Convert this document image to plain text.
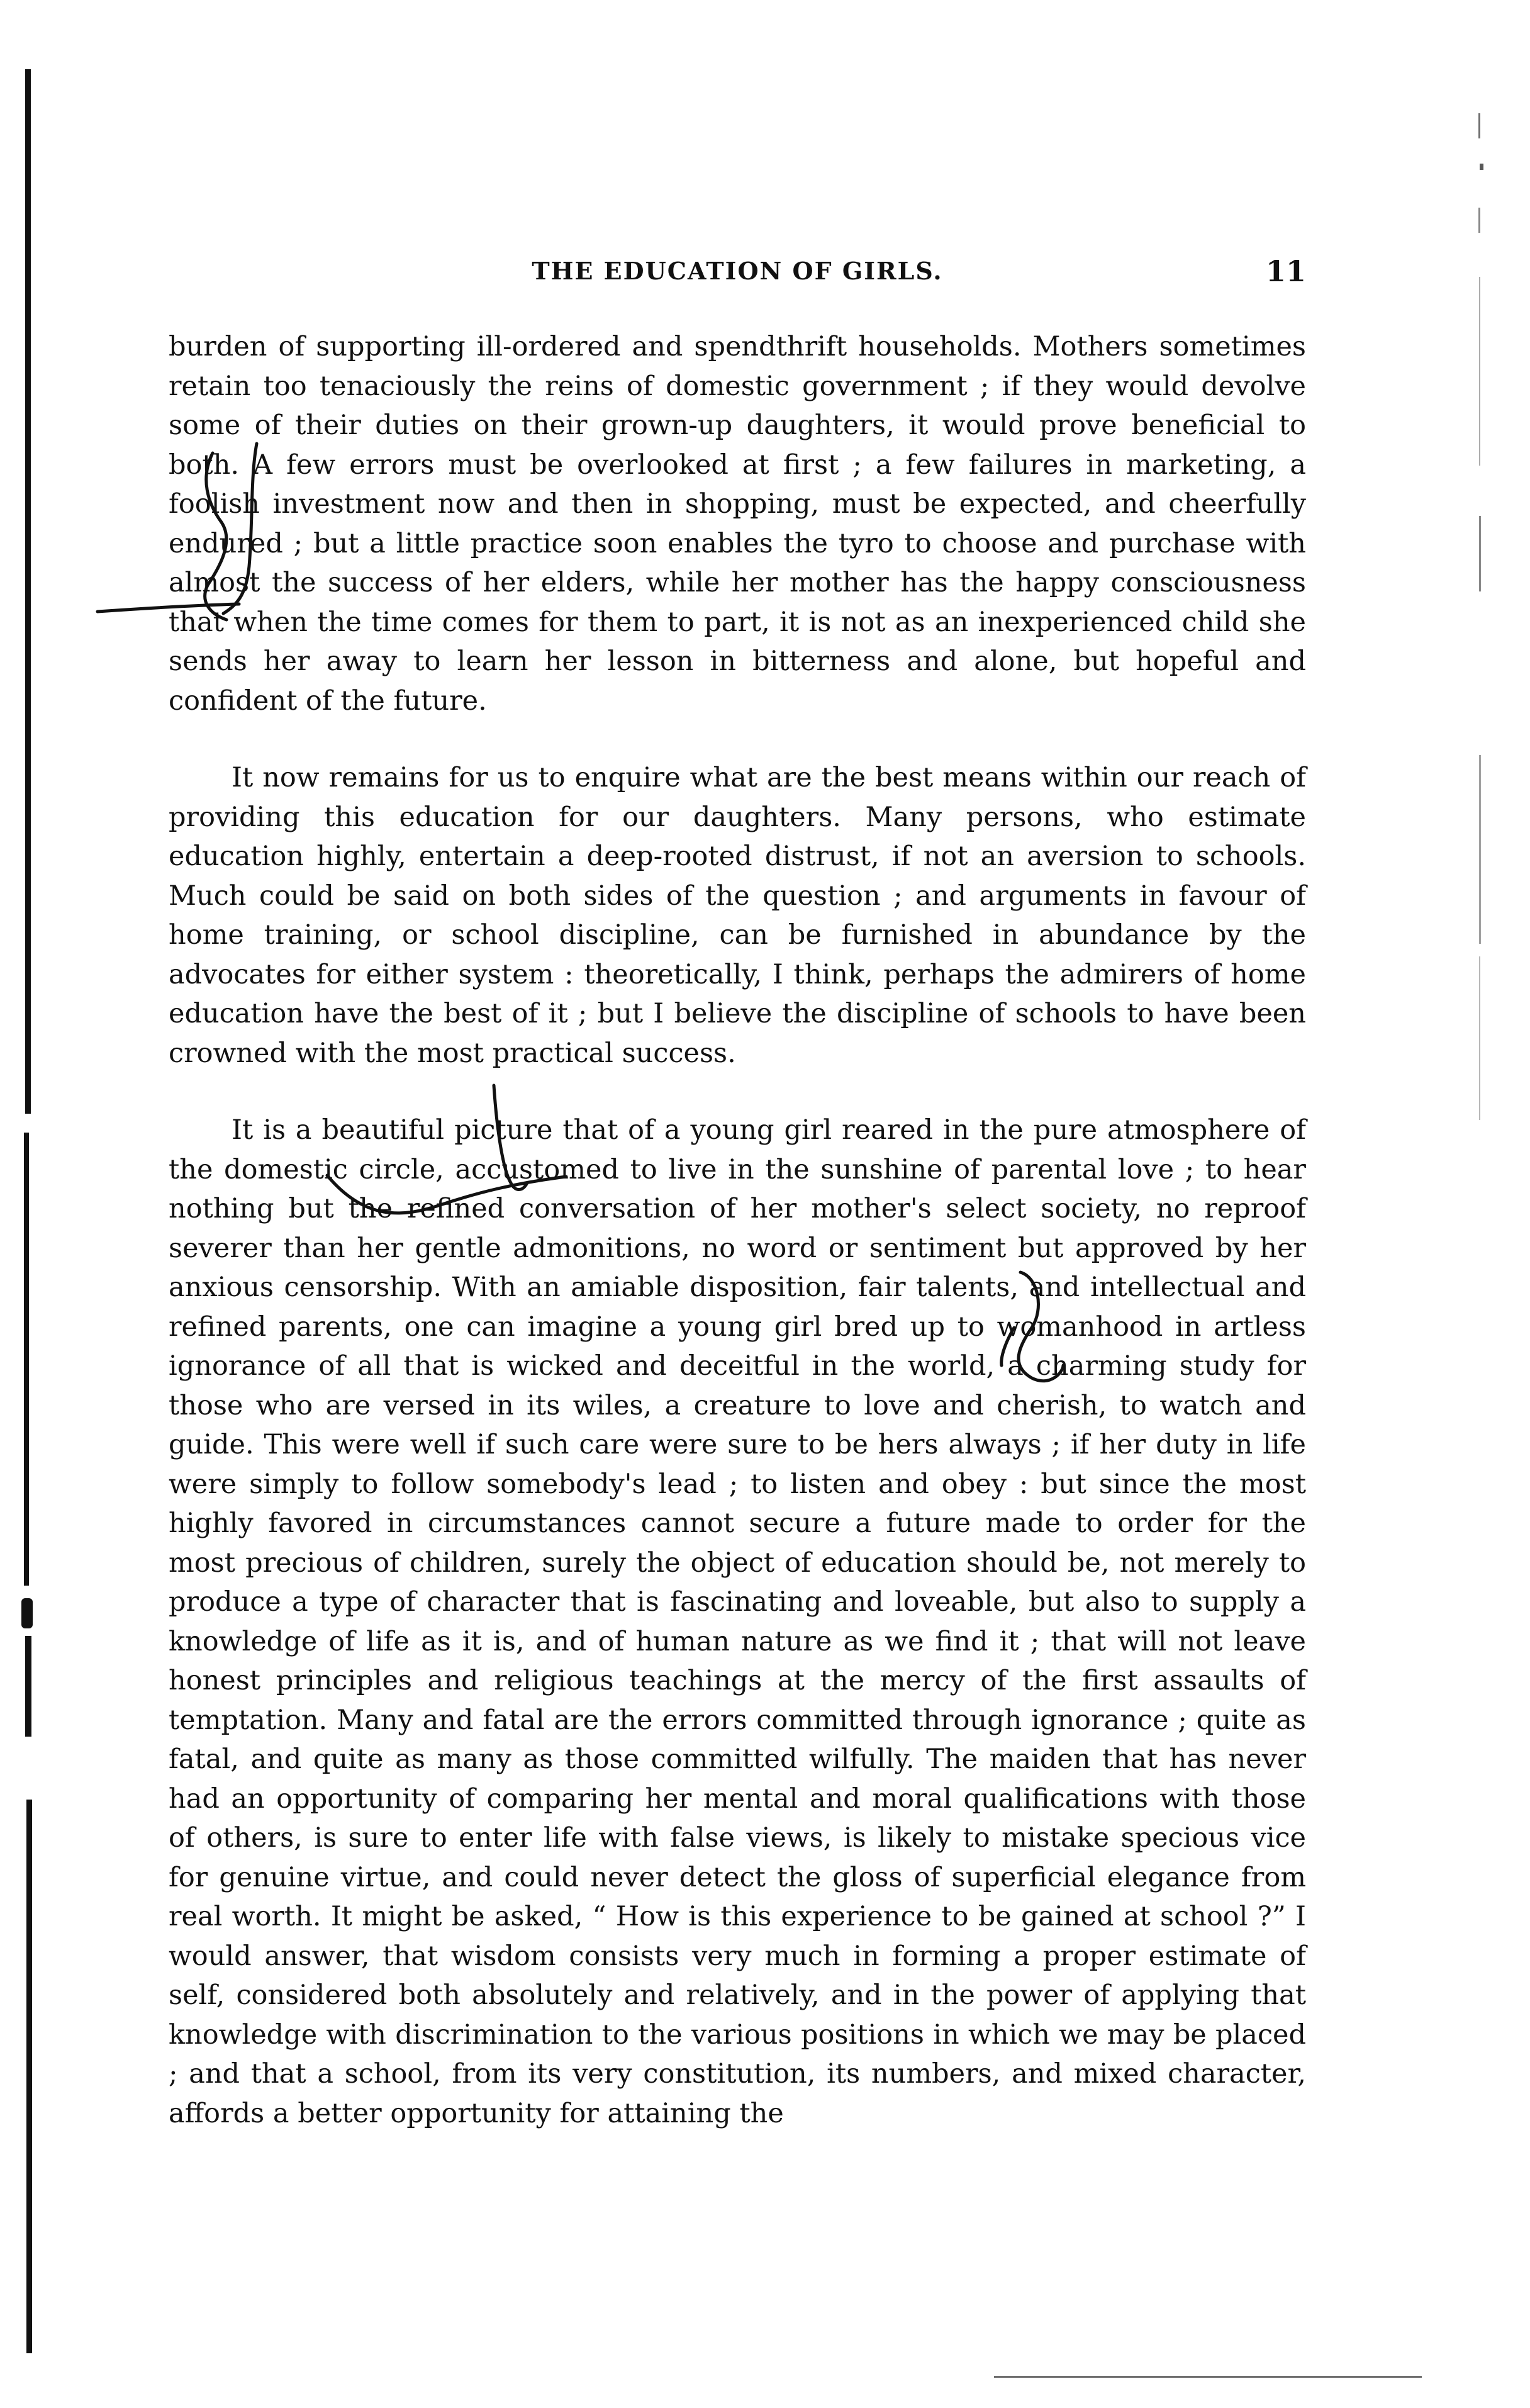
THE EDUCATION OF GIRLS.	11

burden of supporting ill-ordered and spendthrift households. Mothers sometimes retain too tenaciously the reins of domestic government ; if they would devolve some of their duties on their grown-up daughters, it would prove beneficial to both. A few errors must be overlooked at first ; a few failures in marketing, a foolish investment now and then in shopping, must be expected, and cheerfully endured ; but a little practice soon enables the tyro to choose and purchase with almost the success of her elders, while her mother has the happy consciousness that when the time comes for them to part, it is not as an inexperienced child she sends her away to learn her lesson in bitterness and alone, but hopeful and confident of the future.

It now remains for us to enquire what are the best means within our reach of providing this education for our daughters. Many persons, who estimate education highly, entertain a deep-rooted distrust, if not an aversion to schools. Much could be said on both sides of the question ; and arguments in favour of home training, or school discipline, can be furnished in abundance by the advocates for either system : theoretically, I think, perhaps the admirers of home education have the best of it ; but I believe the discipline of schools to have been crowned with the most practical success.

It is a beautiful picture that of a young girl reared in the pure atmosphere of the domestic circle, accustomed to live in the sunshine of parental love ; to hear nothing but the refined conversation of her mother's select society, no reproof severer than her gentle admonitions, no word or sentiment but approved by her anxious censorship. With an amiable disposition, fair talents, and intellectual and refined parents, one can imagine a young girl bred up to womanhood in artless ignorance of all that is wicked and deceitful in the world, a charming study for those who are versed in its wiles, a creature to love and cherish, to watch and guide. This were well if such care were sure to be hers always ; if her duty in life were simply to follow somebody's lead ; to listen and obey : but since the most highly favored in circumstances cannot secure a future made to order for the most precious of children, surely the object of education should be, not merely to produce a type of character that is fascinating and loveable, but also to supply a knowledge of life as it is, and of human nature as we find it ; that will not leave honest principles and religious teachings at the mercy of the first assaults of temptation. Many and fatal are the errors committed through ignorance ; quite as fatal, and quite as many as those committed wilfully. The maiden that has never had an opportunity of comparing her mental and moral qualifications with those of others, is sure to enter life with false views, is likely to mistake specious vice for genuine virtue, and could never detect the gloss of superficial elegance from real worth. It might be asked, “ How is this experience to be gained at school ?” I would answer, that wisdom consists very much in forming a proper estimate of self, considered both absolutely and relatively, and in the power of applying that knowledge with discrimination to the various positions in which we may be placed ; and that a school, from its very constitution, its numbers, and mixed character, affords a better opportunity for attaining the
